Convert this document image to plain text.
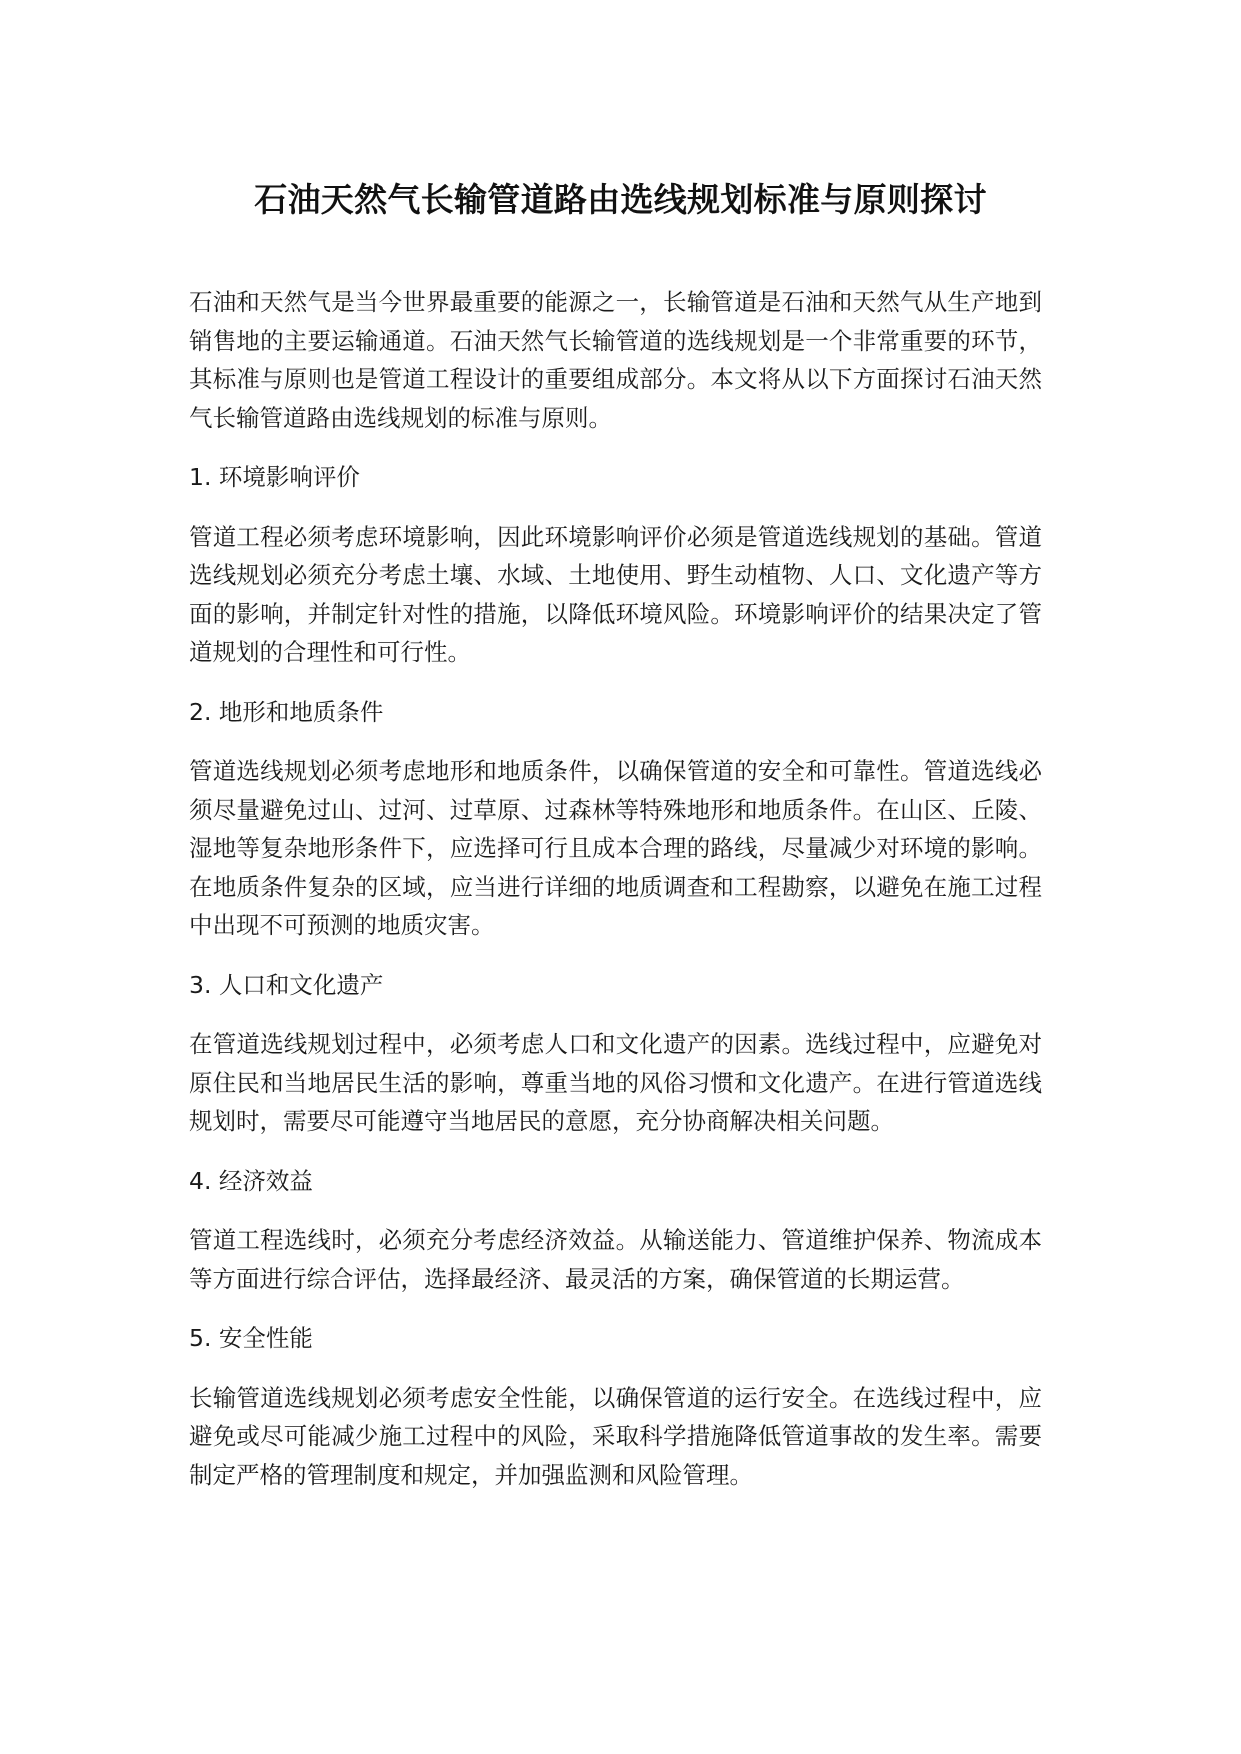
石油天然气长输管道路由选线规划标准与原则探讨

石油和天然气是当今世界最重要的能源之一，长输管道是石油和天然气从生产地到销售地的主要运输通道。石油天然气长输管道的选线规划是一个非常重要的环节，其标准与原则也是管道工程设计的重要组成部分。本文将从以下方面探讨石油天然气长输管道路由选线规划的标准与原则。

1. 环境影响评价

管道工程必须考虑环境影响，因此环境影响评价必须是管道选线规划的基础。管道选线规划必须充分考虑土壤、水域、土地使用、野生动植物、人口、文化遗产等方面的影响，并制定针对性的措施，以降低环境风险。环境影响评价的结果决定了管道规划的合理性和可行性。

2. 地形和地质条件

管道选线规划必须考虑地形和地质条件，以确保管道的安全和可靠性。管道选线必须尽量避免过山、过河、过草原、过森林等特殊地形和地质条件。在山区、丘陵、湿地等复杂地形条件下，应选择可行且成本合理的路线，尽量减少对环境的影响。在地质条件复杂的区域，应当进行详细的地质调查和工程勘察，以避免在施工过程中出现不可预测的地质灾害。

3. 人口和文化遗产

在管道选线规划过程中，必须考虑人口和文化遗产的因素。选线过程中，应避免对原住民和当地居民生活的影响，尊重当地的风俗习惯和文化遗产。在进行管道选线规划时，需要尽可能遵守当地居民的意愿，充分协商解决相关问题。

4. 经济效益

管道工程选线时，必须充分考虑经济效益。从输送能力、管道维护保养、物流成本等方面进行综合评估，选择最经济、最灵活的方案，确保管道的长期运营。

5. 安全性能

长输管道选线规划必须考虑安全性能，以确保管道的运行安全。在选线过程中，应避免或尽可能减少施工过程中的风险，采取科学措施降低管道事故的发生率。需要制定严格的管理制度和规定，并加强监测和风险管理。
